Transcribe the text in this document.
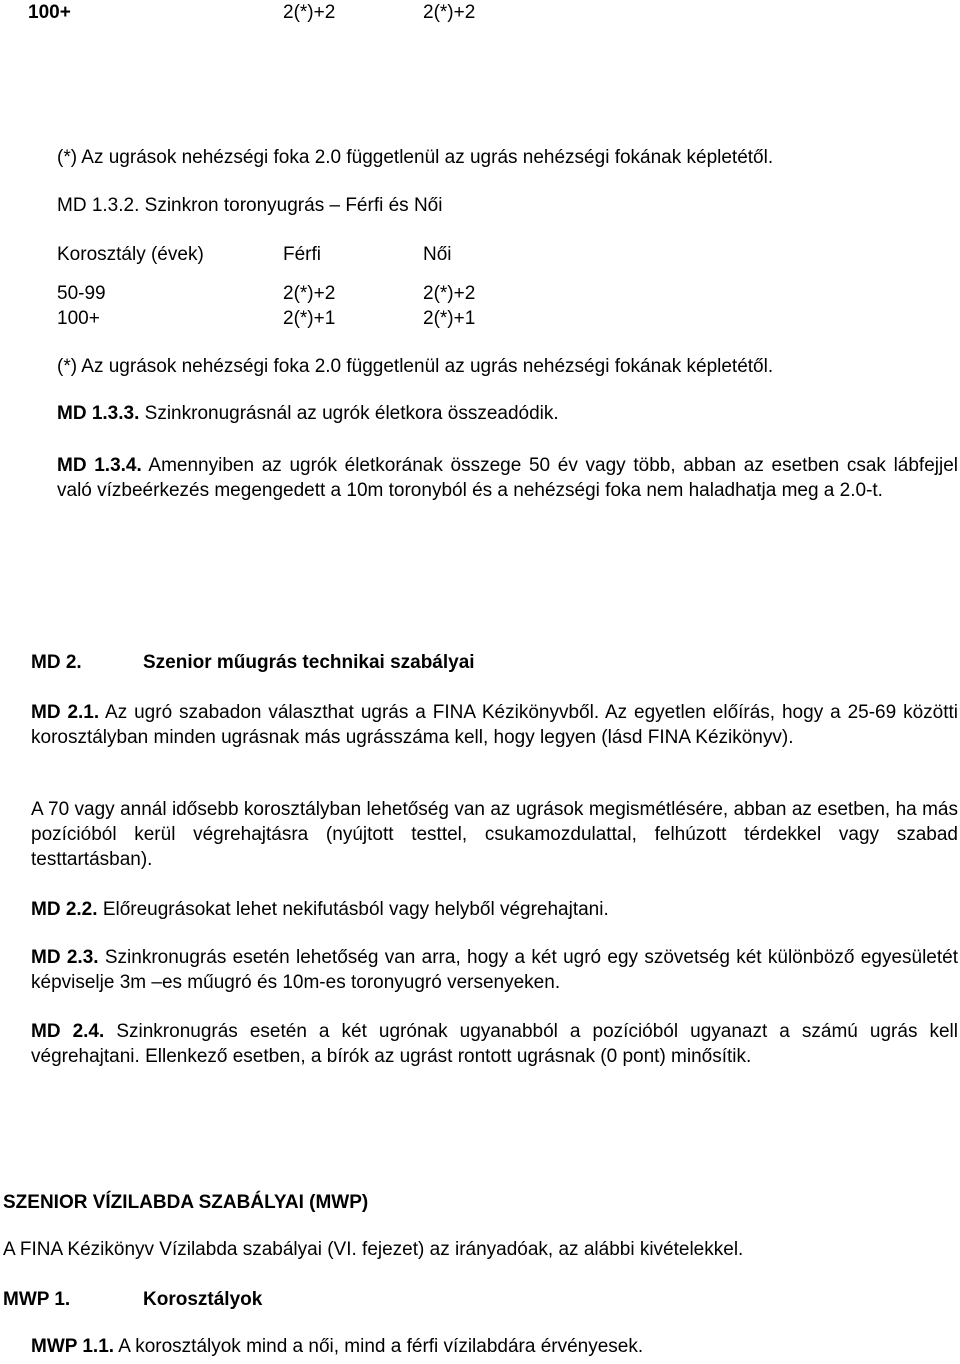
100+	2(*)+2	2(*)+2
(*) Az ugrások nehézségi foka 2.0 függetlenül az ugrás nehézségi fokának képletétől.
MD 1.3.2. Szinkron toronyugrás – Férfi és Női
Korosztály (évek)	Férfi	Női
50-99	2(*)+2	2(*)+2
100+	2(*)+1	2(*)+1
(*) Az ugrások nehézségi foka 2.0 függetlenül az ugrás nehézségi fokának képletétől.
MD 1.3.3. Szinkronugrásnál az ugrók életkora összeadódik.
MD 1.3.4. Amennyiben az ugrók életkorának összege 50 év vagy több, abban az esetben csak lábfejjel való vízbeérkezés megengedett a 10m toronyból és a nehézségi foka nem haladhatja meg a 2.0-t.
MD 2.	Szenior műugrás technikai szabályai
MD 2.1. Az ugró szabadon választhat ugrás a FINA Kézikönyvből. Az egyetlen előírás, hogy a 25-69 közötti korosztályban minden ugrásnak más ugrásszáma kell, hogy legyen (lásd FINA Kézikönyv).
A 70 vagy annál idősebb korosztályban lehetőség van az ugrások megismétlésére, abban az esetben, ha más pozícióból kerül végrehajtásra (nyújtott testtel, csukamozdulattal, felhúzott térdekkel vagy szabad testtartásban).
MD 2.2. Előreugrásokat lehet nekifutásból vagy helyből végrehajtani.
MD 2.3. Szinkronugrás esetén lehetőség van arra, hogy a két ugró egy szövetség két különböző egyesületét képviselje 3m –es műugró és 10m-es toronyugró versenyeken.
MD 2.4. Szinkronugrás esetén a két ugrónak ugyanabból a pozícióból ugyanazt a számú ugrás kell végrehajtani. Ellenkező esetben, a bírók az ugrást rontott ugrásnak (0 pont) minősítik.
SZENIOR VÍZILABDA SZABÁLYAI (MWP)
A FINA Kézikönyv Vízilabda szabályai (VI. fejezet) az irányadóak, az alábbi kivételekkel.
MWP 1.	Korosztályok
MWP 1.1. A korosztályok mind a női, mind a férfi vízilabdára érvényesek.
